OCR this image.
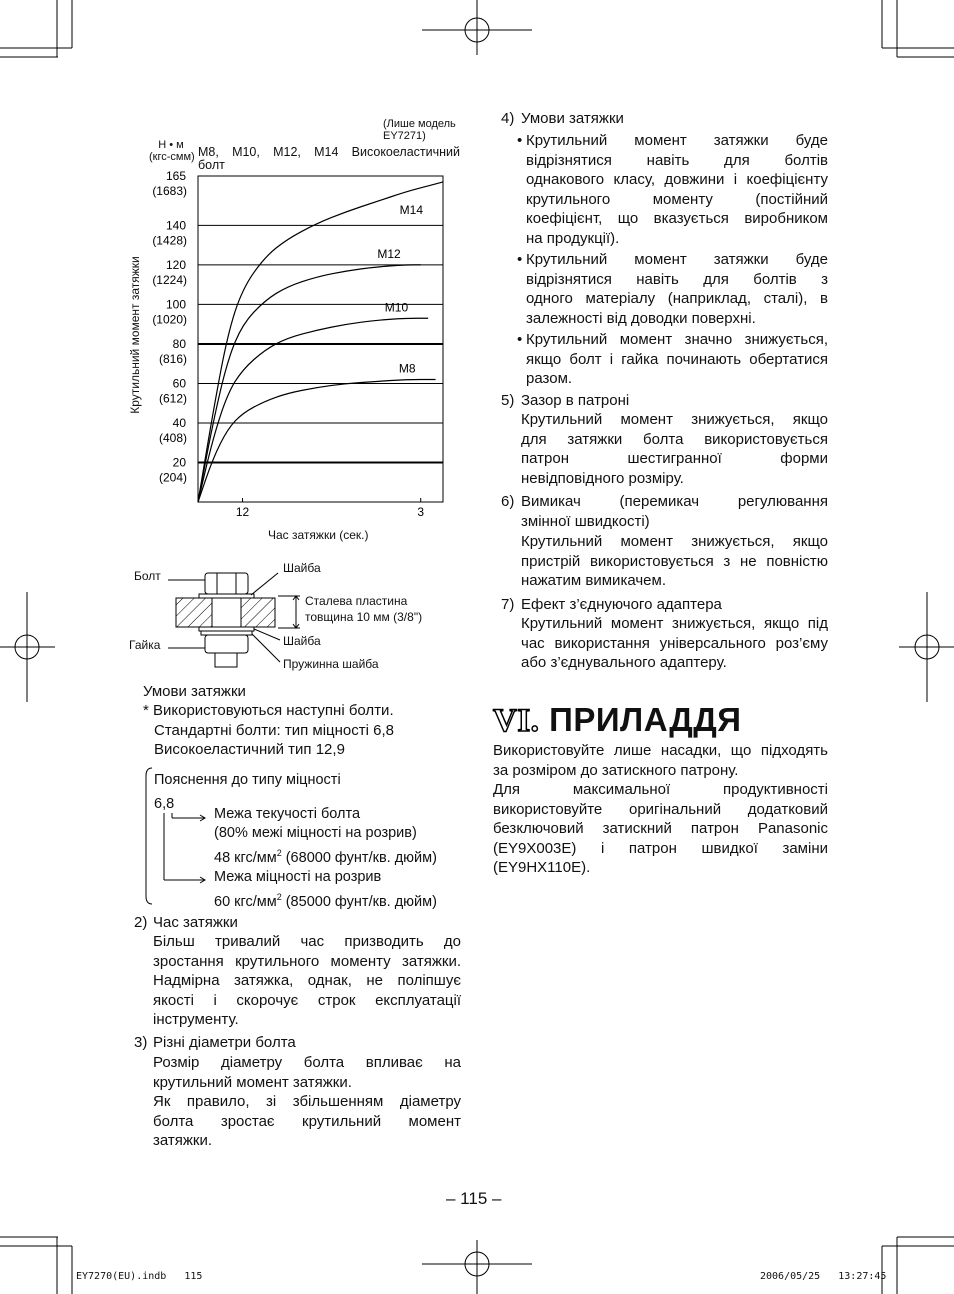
(Лише модель
EY7271)
Н • м
(кгс-смм) M8, M10, M12, M14 Високоеластичний
болт
Крутильний момент затяжки
Час затяжки (сек.)
165
(1683)
140
(1428)
120
(1224)
100
(1020)
80
(816)
60
(612)
40
(408)
20
(204)
12	3
M14
M12
M10
M8
Болт
Шайба
Сталева пластина
товщина 10 мм (3/8")
Гайка	Шайба
Пружинна шайба
Умови затяжки
* Використовуються наступні болти.
Стандартні болти: тип міцності 6,8
Високоеластичний тип 12,9
Пояснення до типу міцності
6,8
Межа текучості болта
(80% межі міцності на розрив)
48 кгс/$мм^2$ (68000 фунт/кв. дюйм)
Межа міцності на розрив
60 кгс/$мм^2$ (85000 фунт/кв. дюйм)
2) Час затяжки
Більш тривалий час призводить до
зростання крутильного моменту затяжки.
Надмірна затяжка, однак, не поліпшує
якості і скорочує строк експлуатації
інструменту.
3) Різні діаметри болта
Розмір діаметру болта впливає на
крутильний момент затяжки.
Як правило, зі збільшенням діаметру
болта зростає крутильний момент
затяжки.
4) Умови затяжки
• Крутильний момент затяжки буде
відрізнятися навіть для болтів
однакового класу, довжини і коефіцієнту
крутильного моменту (постійний
коефіцієнт, що вказується виробником
на продукції).
• Крутильний момент затяжки буде
відрізнятися навіть для болтів з
одного матеріалу (наприклад, сталі), в
залежності від доводки поверхні.
• Крутильний момент значно знижується,
якщо болт і гайка починають обертатися
разом.
5) Зазор в патроні
Крутильний момент знижується, якщо
для затяжки болта використовується
патрон шестигранної форми
невідповідного розміру.
6) Вимикач (перемикач регулювання
змінної швидкості)
Крутильний момент знижується, якщо
пристрій використовується з не повністю
нажатим вимикачем.
7) Ефект з’єднуючого адаптера
Крутильний момент знижується, якщо під
час використання універсального роз’єму
або з’єднувального адаптеру.
VI. ПРИЛАДДЯ
Використовуйте лише насадки, що підходять
за розміром до затискного патрону.
Для максимальної продуктивності
використовуйте оригінальний додатковий
безключовий затискний патрон Panasonic
(EY9X003E) і патрон швидкої заміни
(EY9HX110E).
– 115 –
EY7270(EU).indb   115	2006/05/25   13:27:45
